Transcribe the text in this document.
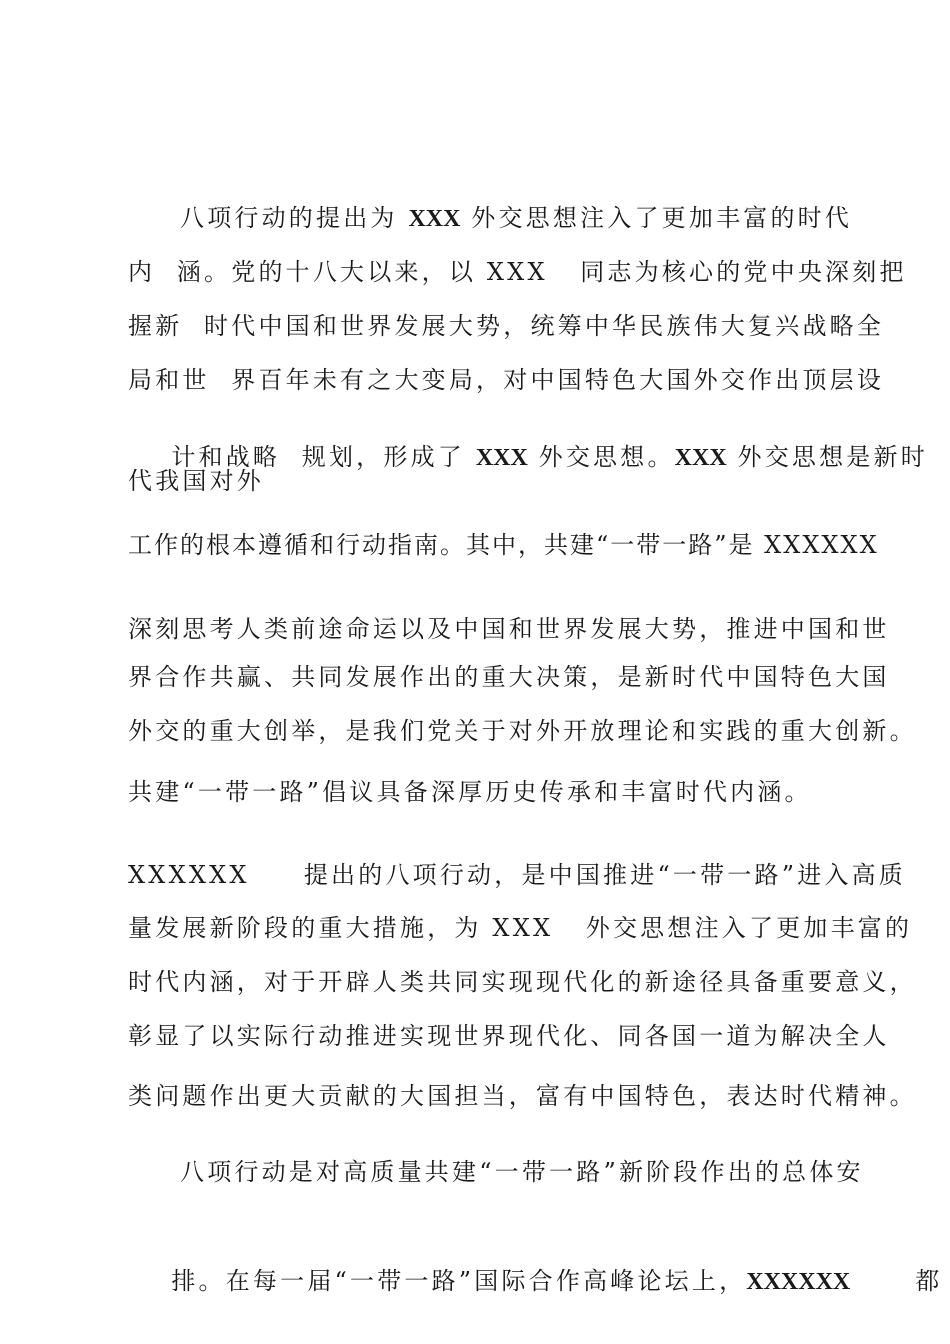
八项行动的提出为 XXX 外交思想注入了更加丰富的时代
内  涵。党的十八大以来，以 XXX   同志为核心的党中央深刻把
握新  时代中国和世界发展大势，统筹中华民族伟大复兴战略全
局和世  界百年未有之大变局，对中国特色大国外交作出顶层设

计和战略  规划，形成了 XXX 外交思想。XXX 外交思想是新时

代我国对外
工作的根本遵循和行动指南。其中，共建“一带一路”是 XXXXXX
深刻思考人类前途命运以及中国和世界发展大势，推进中国和世
界合作共赢、共同发展作出的重大决策，是新时代中国特色大国
外交的重大创举，是我们党关于对外开放理论和实践的重大创新。
共建“一带一路”倡议具备深厚历史传承和丰富时代内涵。
XXXXXX     提出的八项行动，是中国推进“一带一路”进入高质
量发展新阶段的重大措施，为 XXX   外交思想注入了更加丰富的
时代内涵，对于开辟人类共同实现现代化的新途径具备重要意义，
彰显了以实际行动推进实现世界现代化、同各国一道为解决全人
类问题作出更大贡献的大国担当，富有中国特色，表达时代精神。
八项行动是对高质量共建“一带一路”新阶段作出的总体安

排。在每一届“一带一路”国际合作高峰论坛上，XXXXXX      都
